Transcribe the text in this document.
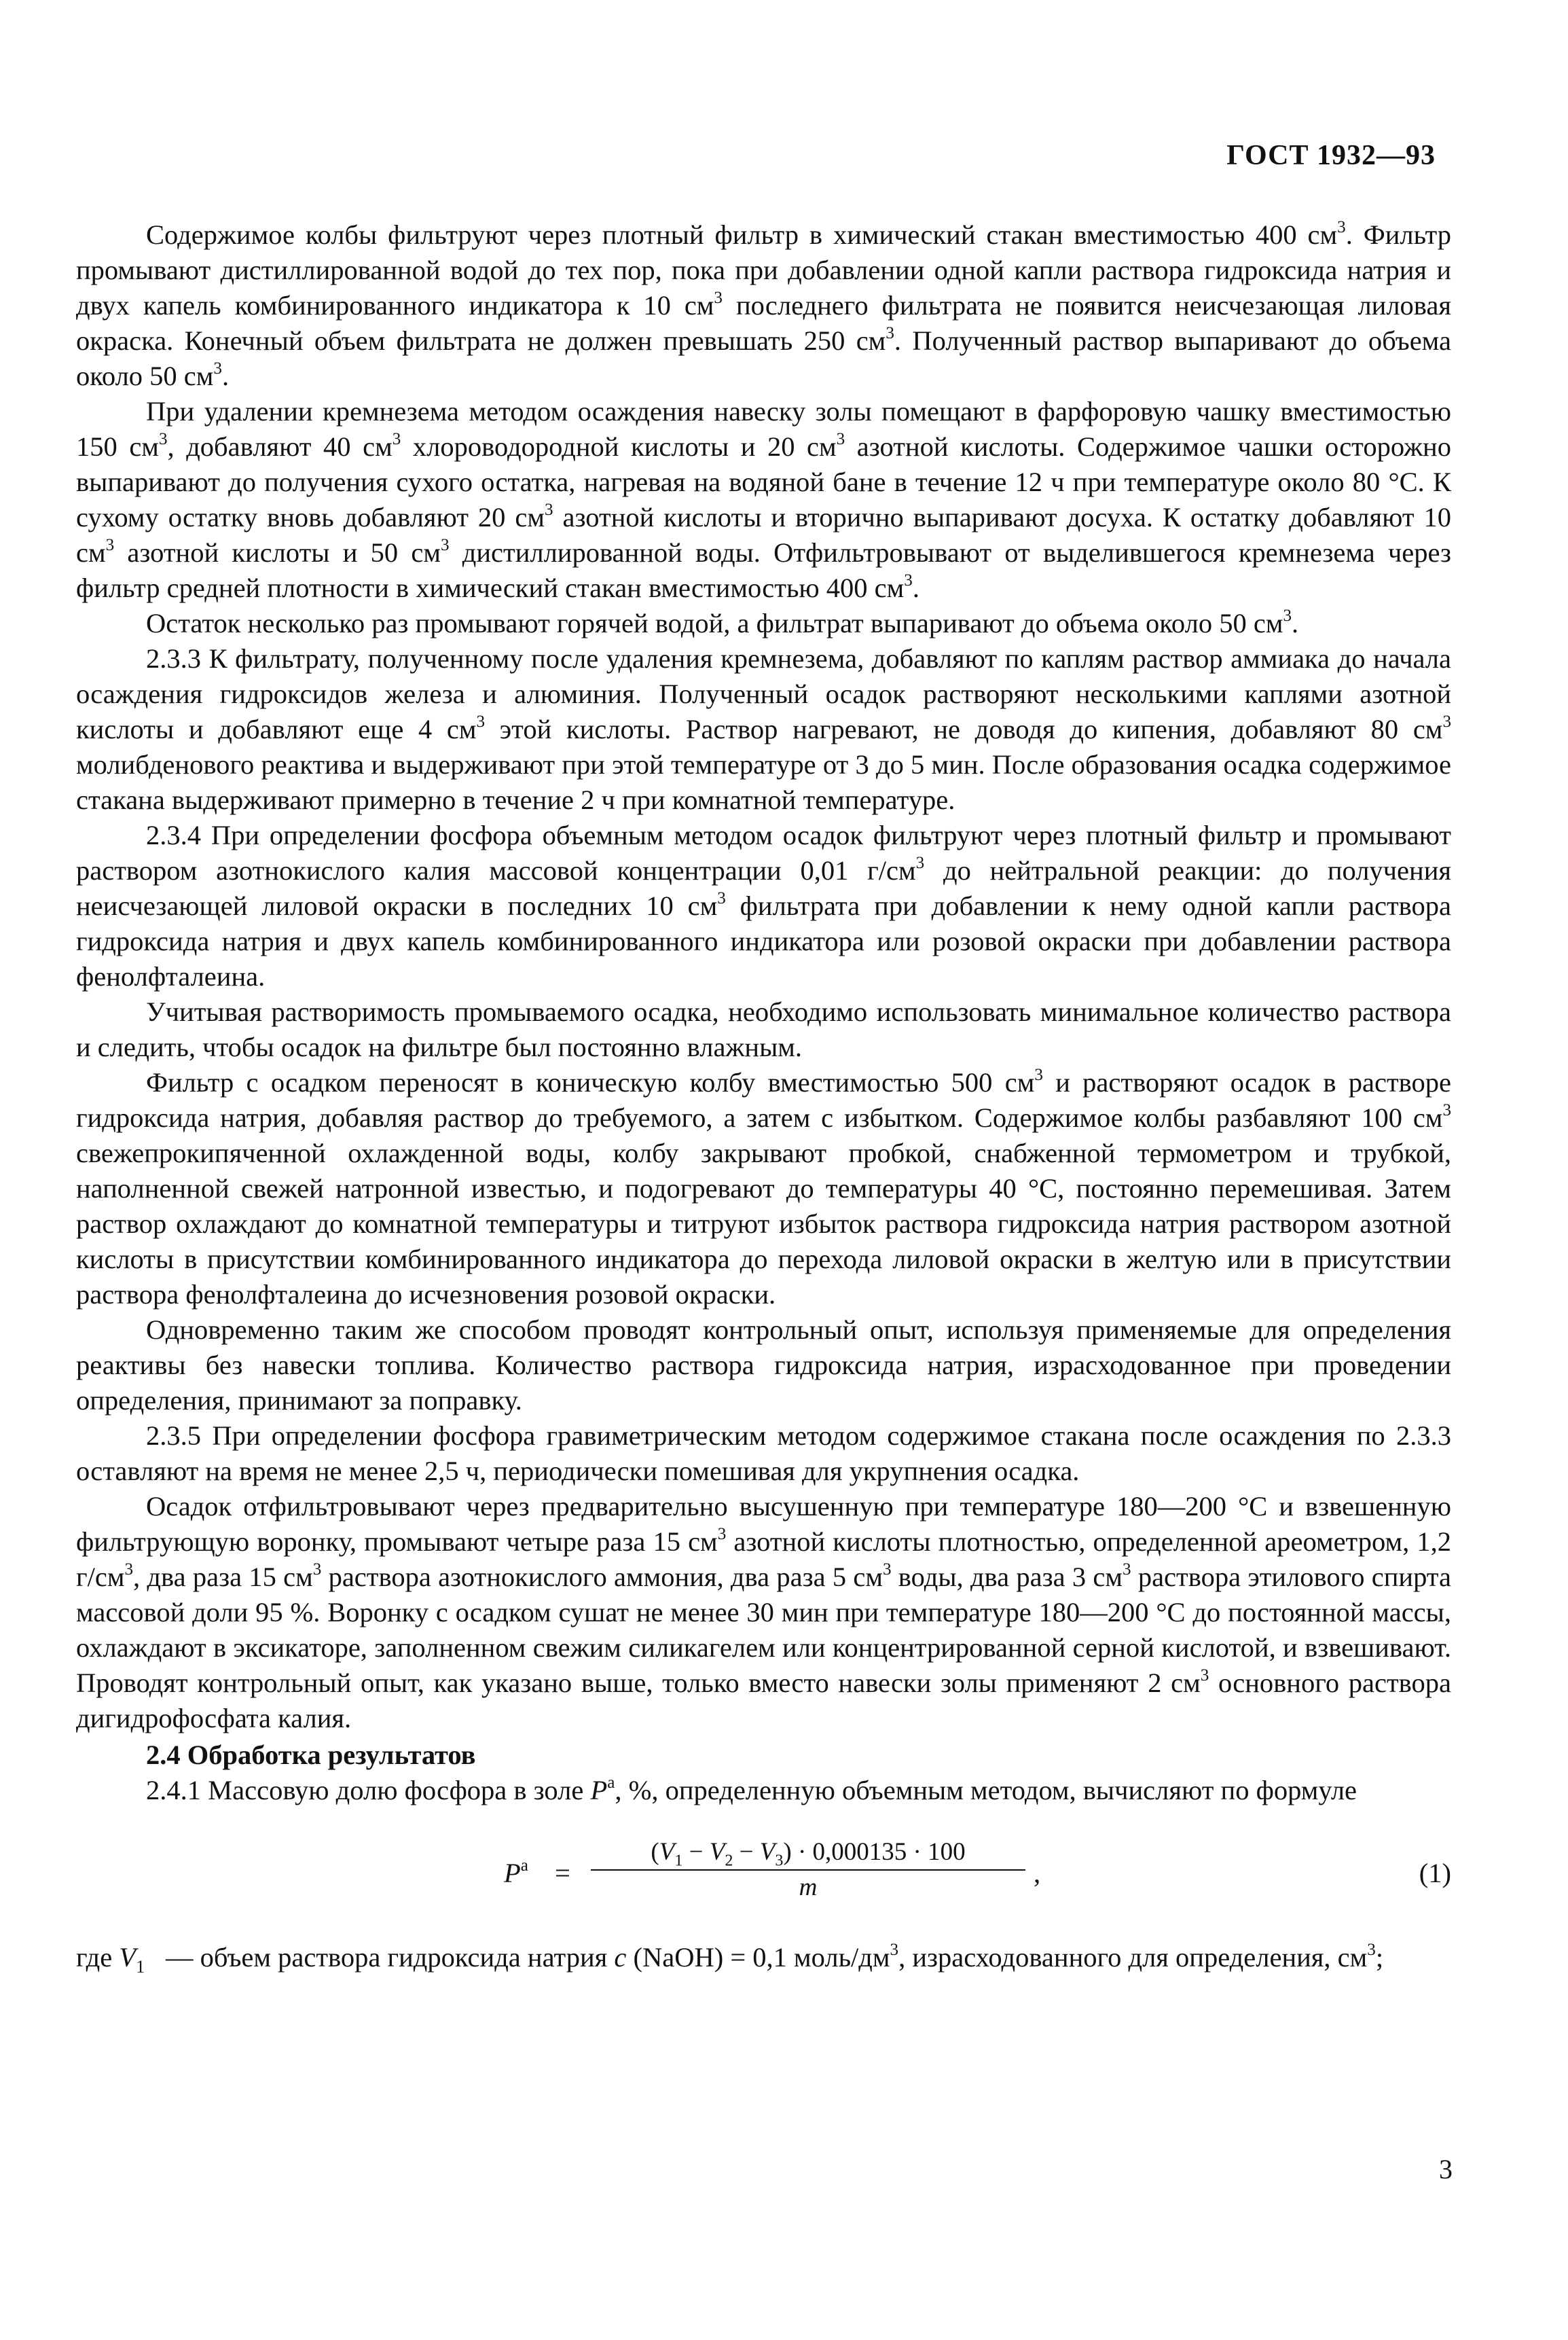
ГОСТ 1932—93

Содержимое колбы фильтруют через плотный фильтр в химический стакан вместимостью 400 $см^3$. Фильтр промывают дистиллированной водой до тех пор, пока при добавлении одной капли раствора гидроксида натрия и двух капель комбинированного индикатора к 10 $см^3$ последнего фильтрата не появится неисчезающая лиловая окраска. Конечный объем фильтрата не должен превышать 250 $см^3$. Полученный раствор выпаривают до объема около 50 $см^3$.

При удалении кремнезема методом осаждения навеску золы помещают в фарфоровую чашку вместимостью 150 $см^3$, добавляют 40 $см^3$ хлороводородной кислоты и 20 $см^3$ азотной кислоты. Содержимое чашки осторожно выпаривают до получения сухого остатка, нагревая на водяной бане в течение 12 ч при температуре около 80 °С. К сухому остатку вновь добавляют 20 $см^3$ азотной кислоты и вторично выпаривают досуха. К остатку добавляют 10 $см^3$ азотной кислоты и 50 $см^3$ дистиллированной воды. Отфильтровывают от выделившегося кремнезема через фильтр средней плотности в химический стакан вместимостью 400 $см^3$.

Остаток несколько раз промывают горячей водой, а фильтрат выпаривают до объема около 50 $см^3$.

2.3.3 К фильтрату, полученному после удаления кремнезема, добавляют по каплям раствор аммиака до начала осаждения гидроксидов железа и алюминия. Полученный осадок растворяют несколькими каплями азотной кислоты и добавляют еще 4 $см^3$ этой кислоты. Раствор нагревают, не доводя до кипения, добавляют 80 $см^3$ молибденового реактива и выдерживают при этой температуре от 3 до 5 мин. После образования осадка содержимое стакана выдерживают примерно в течение 2 ч при комнатной температуре.

2.3.4 При определении фосфора объемным методом осадок фильтруют через плотный фильтр и промывают раствором азотнокислого калия массовой концентрации 0,01 $г/см^3$ до нейтральной реакции: до получения неисчезающей лиловой окраски в последних 10 $см^3$ фильтрата при добавлении к нему одной капли раствора гидроксида натрия и двух капель комбинированного индикатора или розовой окраски при добавлении раствора фенолфталеина.

Учитывая растворимость промываемого осадка, необходимо использовать минимальное количество раствора и следить, чтобы осадок на фильтре был постоянно влажным.

Фильтр с осадком переносят в коническую колбу вместимостью 500 $см^3$ и растворяют осадок в растворе гидроксида натрия, добавляя раствор до требуемого, а затем с избытком. Содержимое колбы разбавляют 100 $см^3$ свежепрокипяченной охлажденной воды, колбу закрывают пробкой, снабженной термометром и трубкой, наполненной свежей натронной известью, и подогревают до температуры 40 °С, постоянно перемешивая. Затем раствор охлаждают до комнатной температуры и титруют избыток раствора гидроксида натрия раствором азотной кислоты в присутствии комбинированного индикатора до перехода лиловой окраски в желтую или в присутствии раствора фенолфталеина до исчезновения розовой окраски.

Одновременно таким же способом проводят контрольный опыт, используя применяемые для определения реактивы без навески топлива. Количество раствора гидроксида натрия, израсходованное при проведении определения, принимают за поправку.

2.3.5 При определении фосфора гравиметрическим методом содержимое стакана после осаждения по 2.3.3 оставляют на время не менее 2,5 ч, периодически помешивая для укрупнения осадка.

Осадок отфильтровывают через предварительно высушенную при температуре 180—200 °С и взвешенную фильтрующую воронку, промывают четыре раза 15 $см^3$ азотной кислоты плотностью, определенной ареометром, 1,2 $г/см^3$, два раза 15 $см^3$ раствора азотнокислого аммония, два раза 5 $см^3$ воды, два раза 3 $см^3$ раствора этилового спирта массовой доли 95 %. Воронку с осадком сушат не менее 30 мин при температуре 180—200 °С до постоянной массы, охлаждают в эксикаторе, заполненном свежим силикагелем или концентрированной серной кислотой, и взвешивают. Проводят контрольный опыт, как указано выше, только вместо навески золы применяют 2 $см^3$ основного раствора дигидрофосфата калия.

2.4 Обработка результатов

2.4.1 Массовую долю фосфора в золе $P^a$, %, определенную объемным методом, вычисляют по формуле

$P^a = \frac{(V_1 - V_2 - V_3) \cdot 0,000135 \cdot 100}{m}$ ,	(1)
где $V_1$ — объем раствора гидроксида натрия c (NaOH) = 0,1 моль/$дм^3$, израсходованного для определения, $см^3$;
3
